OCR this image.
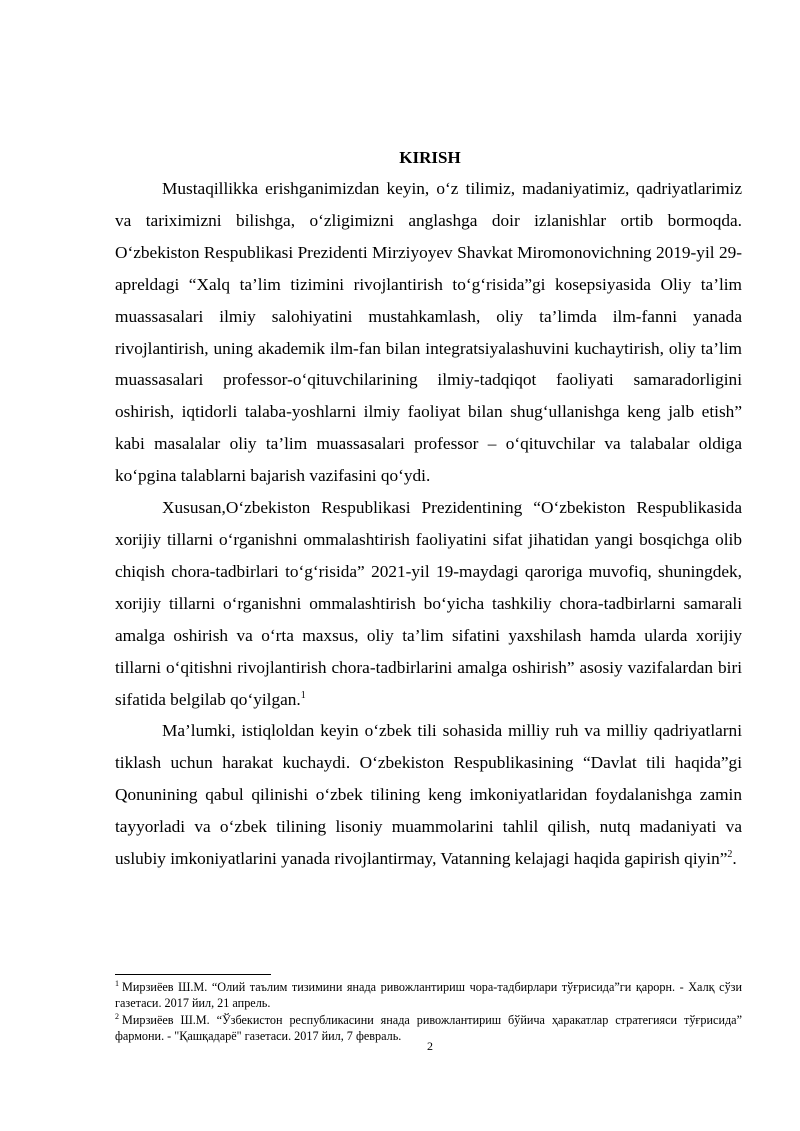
KIRISH

Mustaqillikka erishganimizdan keyin, o‘z tilimiz, madaniyatimiz, qadriyatlarimiz va tariximizni bilishga, o‘zligimizni anglashga doir izlanishlar ortib bormoqda. O‘zbekiston Respublikasi Prezidenti Mirziyoyev Shavkat Miromonovichning 2019-yil 29-apreldagi “Xalq ta’lim tizimini rivojlantirish to‘g‘risida”gi kosepsiyasida Oliy ta’lim muassasalari ilmiy salohiyatini mustahkamlash, oliy ta’limda ilm-fanni yanada rivojlantirish, uning akademik ilm-fan bilan integratsiyalashuvini kuchaytirish, oliy ta’lim muassasalari professor-o‘qituvchilarining ilmiy-tadqiqot faoliyati samaradorligini oshirish, iqtidorli talaba-yoshlarni ilmiy faoliyat bilan shug‘ullanishga keng jalb etish” kabi masalalar oliy ta’lim muassasalari professor – o‘qituvchilar va talabalar oldiga ko‘pgina talablarni bajarish vazifasini qo‘ydi.

Xususan,O‘zbekiston Respublikasi Prezidentining “O‘zbekiston Respublikasida xorijiy tillarni o‘rganishni ommalashtirish faoliyatini sifat jihatidan yangi bosqichga olib chiqish chora-tadbirlari to‘g‘risida” 2021-yil 19-maydagi qaroriga muvofiq, shuningdek, xorijiy tillarni o‘rganishni ommalashtirish bo‘yicha tashkiliy chora-tadbirlarni samarali amalga oshirish va o‘rta maxsus, oliy ta’lim sifatini yaxshilash hamda ularda xorijiy tillarni o‘qitishni rivojlantirish chora-tadbirlarini amalga oshirish” asosiy vazifalardan biri sifatida belgilab qo‘yilgan.$^1$

Ma’lumki, istiqloldan keyin o‘zbek tili sohasida milliy ruh va milliy qadriyatlarni tiklash uchun harakat kuchaydi. O‘zbekiston Respublikasining “Davlat tili haqida”gi Qonunining qabul qilinishi o‘zbek tilining keng imkoniyatlaridan foydalanishga zamin tayyorladi va o‘zbek tilining lisoniy muammolarini tahlil qilish, nutq madaniyati va uslubiy imkoniyatlarini yanada rivojlantirmay, Vatanning kelajagi haqida gapirish qiyin”$^2$.

$^1$ Мирзиёев Ш.М. “Олий таълим тизимини янада ривожлантириш чора-тадбирлари тўғрисида”ги қарорн. - Халқ сўзи газетаси. 2017 йил, 21 апрель.

$^2$ Мирзиёев Ш.М. “Ўзбекистон республикасини янада ривожлантириш бўйича ҳаракатлар стратегияси тўғрисида” фармони. - "Қашқадарё" газетаси. 2017 йил, 7 февраль.

2
